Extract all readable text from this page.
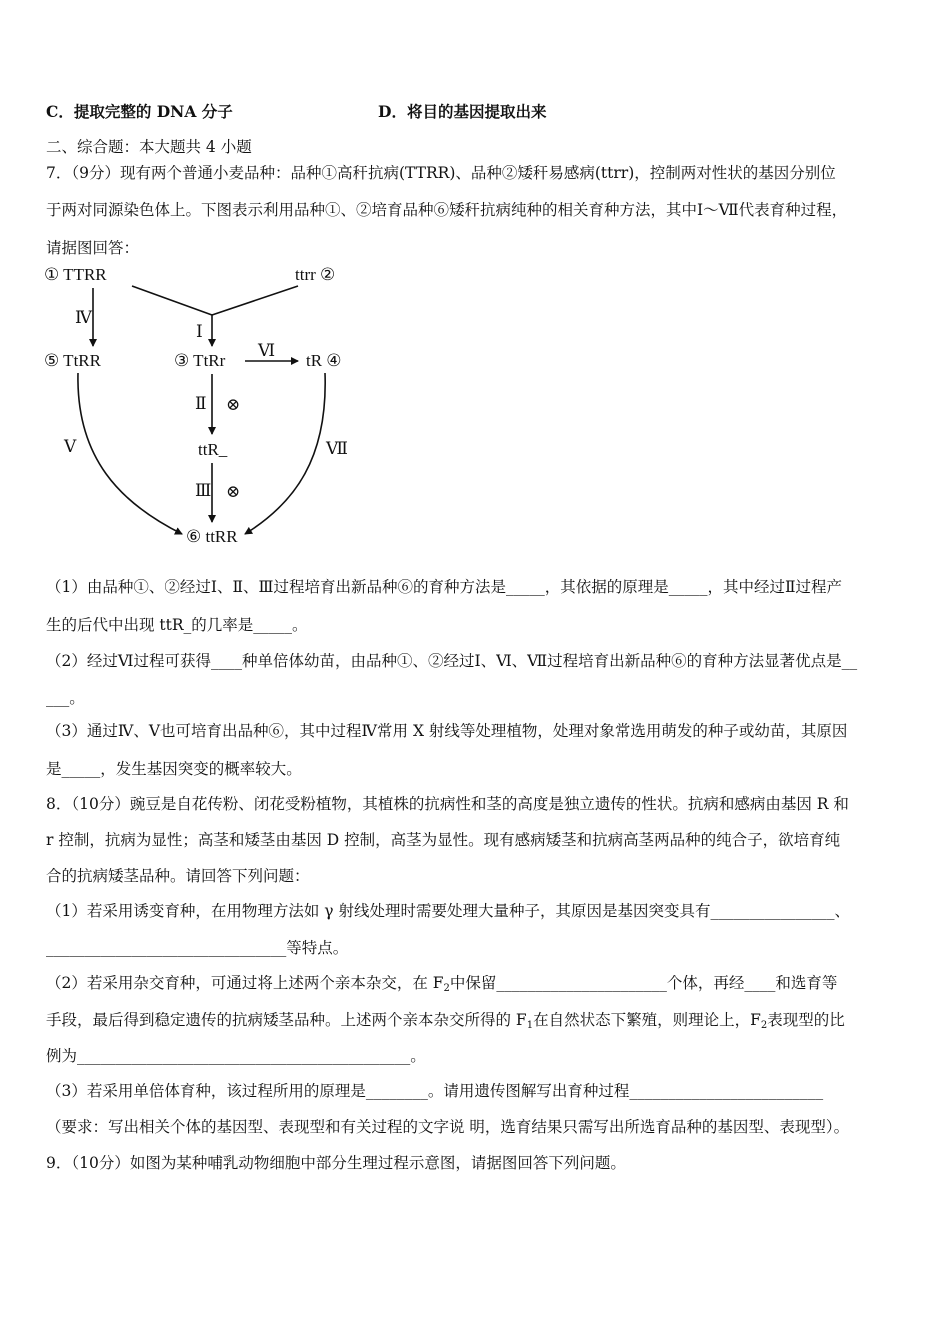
C．提取完整的 DNA 分子	D．将目的基因提取出来
二、综合题：本大题共 4 小题
7．（9分）现有两个普通小麦品种：品种①高秆抗病(TTRR)、品种②矮秆易感病(ttrr)，控制两对性状的基因分别位
于两对同源染色体上。下图表示利用品种①、②培育品种⑥矮秆抗病纯种的相关育种方法，其中Ⅰ～Ⅶ代表育种过程，
请据图回答：
① TTRR	ttrr ②
⑤ TtRR	③ TtRr	tR ④
ttR_
⑥ ttRR
Ⅰ
Ⅱ
Ⅲ
Ⅳ
Ⅴ
Ⅵ
Ⅶ
⊗
⊗
（1）由品种①、②经过Ⅰ、Ⅱ、Ⅲ过程培育出新品种⑥的育种方法是_____，其依据的原理是_____，其中经过Ⅱ过程产
生的后代中出现 ttR_的几率是_____。
（2）经过Ⅵ过程可获得____种单倍体幼苗，由品种①、②经过Ⅰ、Ⅵ、Ⅶ过程培育出新品种⑥的育种方法显著优点是__
___。
（3）通过Ⅳ、Ⅴ也可培育出品种⑥，其中过程Ⅳ常用 X 射线等处理植物，处理对象常选用萌发的种子或幼苗，其原因
是_____，发生基因突变的概率较大。
8．（10分）豌豆是自花传粉、闭花受粉植物，其植株的抗病性和茎的高度是独立遗传的性状。抗病和感病由基因 R 和
r 控制，抗病为显性；高茎和矮茎由基因 D 控制，高茎为显性。现有感病矮茎和抗病高茎两品种的纯合子，欲培育纯
合的抗病矮茎品种。请回答下列问题：
（1）若采用诱变育种，在用物理方法如 γ 射线处理时需要处理大量种子，其原因是基因突变具有________________、
_______________________________等特点。
（2）若采用杂交育种，可通过将上述两个亲本杂交，在 $F_2$中保留______________________个体，再经____和选育等
手段，最后得到稳定遗传的抗病矮茎品种。上述两个亲本杂交所得的 $F_1$在自然状态下繁殖，则理论上，$F_2$表现型的比
例为___________________________________________。
（3）若采用单倍体育种，该过程所用的原理是________。请用遗传图解写出育种过程_________________________
（要求：写出相关个体的基因型、表现型和有关过程的文字说 明，选育结果只需写出所选育品种的基因型、表现型）。
9．（10分）如图为某种哺乳动物细胞中部分生理过程示意图，请据图回答下列问题。
